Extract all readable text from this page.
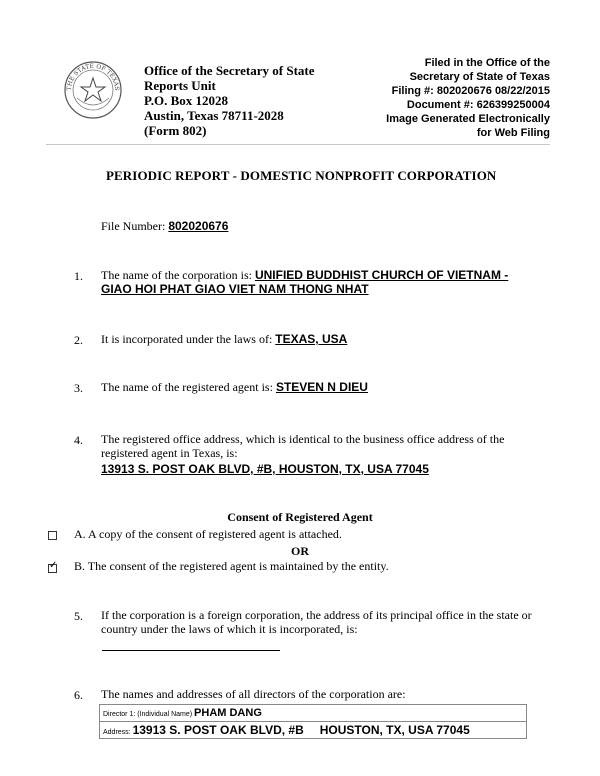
THE STATE OF TEXAS
Office of the Secretary of State
Reports Unit
P.O. Box 12028
Austin, Texas 78711-2028
(Form 802)
Filed in the Office of the
Secretary of State of Texas
Filing #: 802020676 08/22/2015
Document #: 626399250004
Image Generated Electronically
for Web Filing
PERIODIC REPORT - DOMESTIC NONPROFIT CORPORATION
File Number: 802020676
1. The name of the corporation is: UNIFIED BUDDHIST CHURCH OF VIETNAM -
GIAO HOI PHAT GIAO VIET NAM THONG NHAT
2. It is incorporated under the laws of: TEXAS, USA
3. The name of the registered agent is: STEVEN N DIEU
4. The registered office address, which is identical to the business office address of the
registered agent in Texas, is:
13913 S. POST OAK BLVD, #B, HOUSTON, TX, USA 77045
Consent of Registered Agent
A. A copy of the consent of registered agent is attached.
OR
✓ B. The consent of the registered agent is maintained by the entity.
5. If the corporation is a foreign corporation, the address of its principal office in the state or
country under the laws of which it is incorporated, is:
6. The names and addresses of all directors of the corporation are:
Director 1: (Individual Name) PHAM DANG
Address: 13913 S. POST OAK BLVD, #B HOUSTON, TX, USA 77045
